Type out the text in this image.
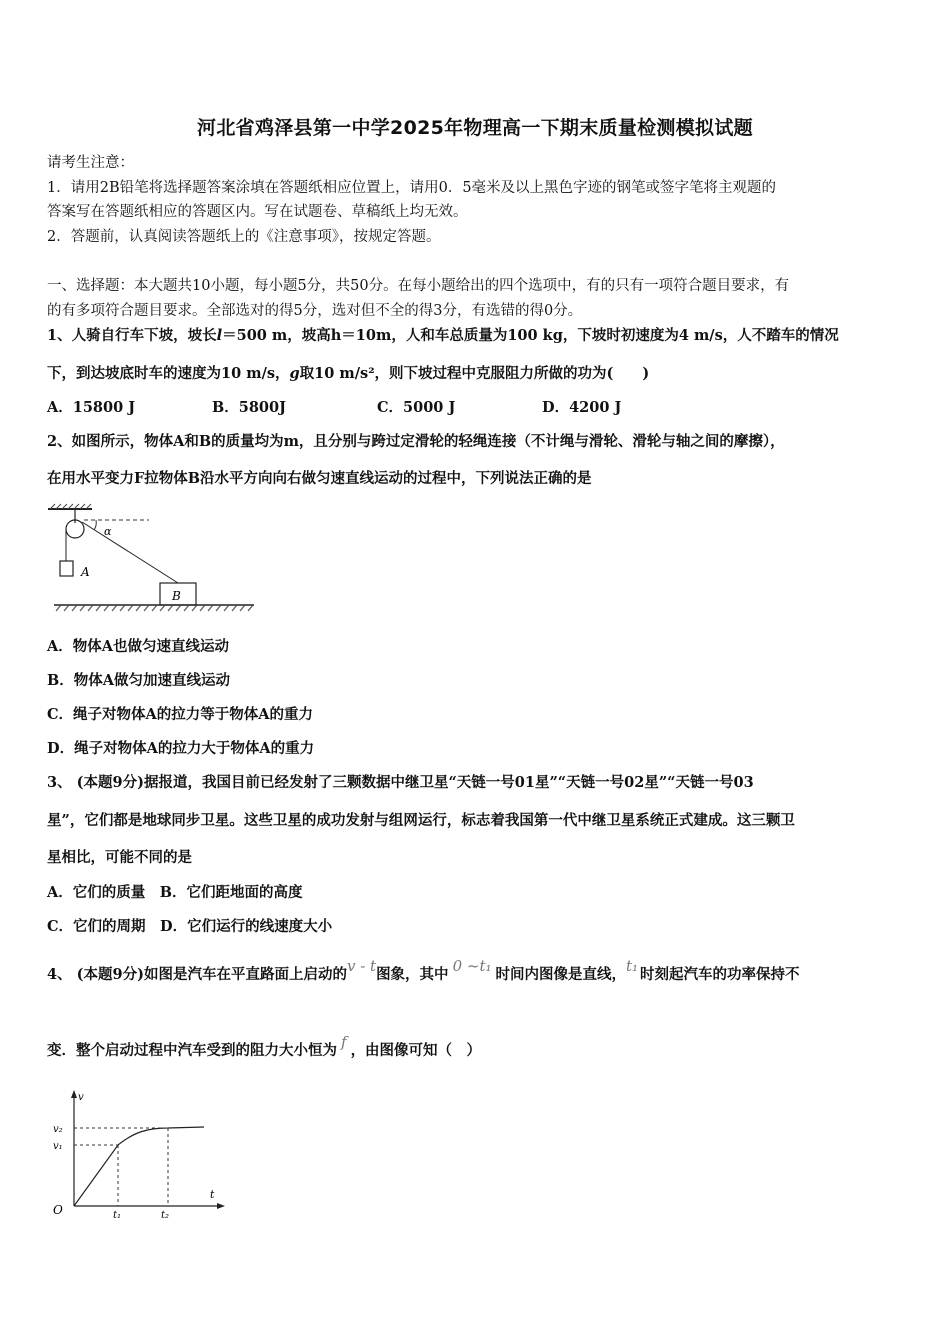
河北省鸡泽县第一中学2025年物理高一下期末质量检测模拟试题
请考生注意：
1．请用2B铅笔将选择题答案涂填在答题纸相应位置上，请用0．5毫米及以上黑色字迹的钢笔或签字笔将主观题的
答案写在答题纸相应的答题区内。写在试题卷、草稿纸上均无效。
2．答题前，认真阅读答题纸上的《注意事项》，按规定答题。
一、选择题：本大题共10小题，每小题5分，共50分。在每小题给出的四个选项中，有的只有一项符合题目要求，有
的有多项符合题目要求。全部选对的得5分，选对但不全的得3分，有选错的得0分。
1、人骑自行车下坡，坡长l＝500 m，坡高h＝10m，人和车总质量为100 kg，下坡时初速度为4 m/s，人不踏车的情况
下，到达坡底时车的速度为10 m/s，g取10 m/s²，则下坡过程中克服阻力所做的功为(　　)
A．15800 J	B．5800J	C．5000 J	D．4200 J
2、如图所示，物体A和B的质量均为m，且分别与跨过定滑轮的轻绳连接（不计绳与滑轮、滑轮与轴之间的摩擦），
在用水平变力F拉物体B沿水平方向向右做匀速直线运动的过程中，下列说法正确的是
α
A
B
A．物体A也做匀速直线运动
B．物体A做匀加速直线运动
C．绳子对物体A的拉力等于物体A的重力
D．绳子对物体A的拉力大于物体A的重力
3、 (本题9分)据报道，我国目前已经发射了三颗数据中继卫星“天链一号01星”“天链一号02星”“天链一号03
星”，它们都是地球同步卫星。这些卫星的成功发射与组网运行，标志着我国第一代中继卫星系统正式建成。这三颗卫
星相比，可能不同的是
A．它们的质量　B．它们距地面的高度
C．它们的周期　D．它们运行的线速度大小
4、 (本题9分)如图是汽车在平直路面上启动的v - t图象，其中 0 ~t₁ 时间内图像是直线，t₁ 时刻起汽车的功率保持不
变．整个启动过程中汽车受到的阻力大小恒为 f ，由图像可知（　）
v
t
O
v₂
v₁
t₁	t₂
